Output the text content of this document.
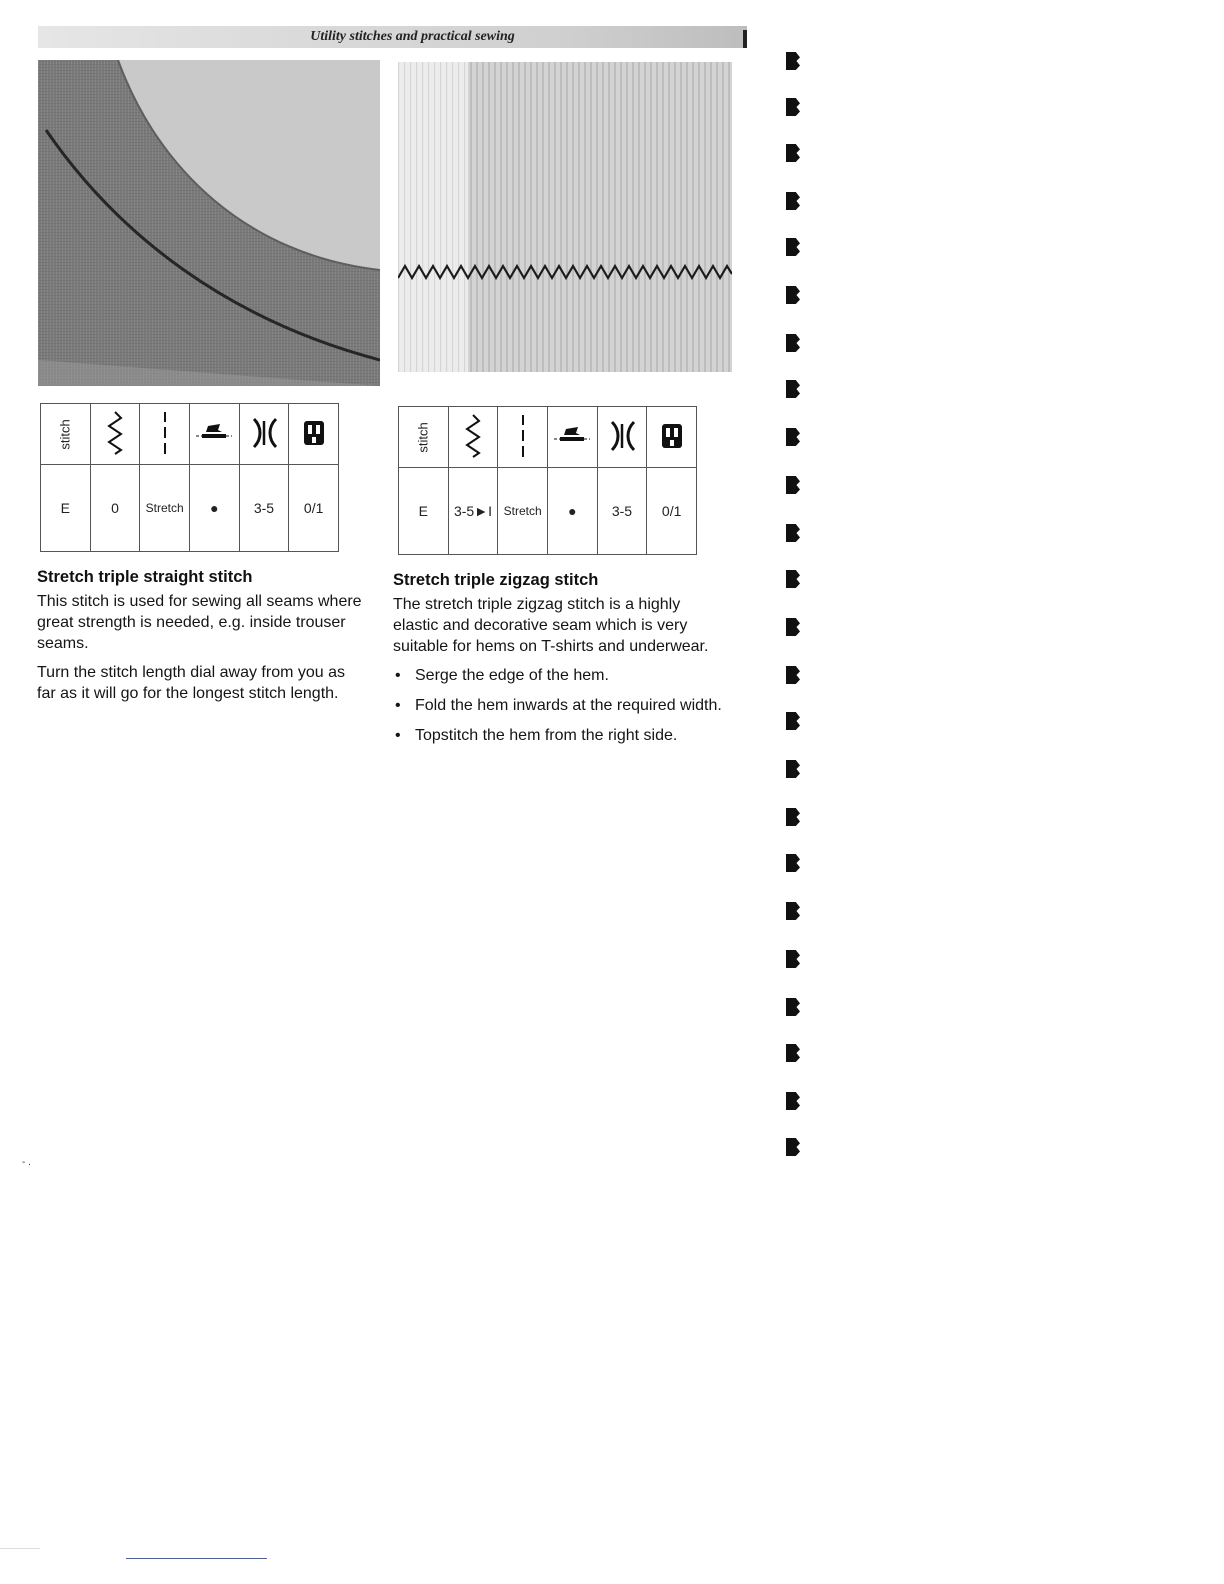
Utility stitches and practical sewing
stitch					
E	0	Stretch	●	3-5	0/1
stitch					
E	3-5►I	Stretch	●	3-5	0/1
Stretch triple straight stitch

This stitch is used for sewing all seams where great strength is needed, e.g. inside trouser seams.

Turn the stitch length dial away from you as far as it will go for the longest stitch length.

Stretch triple zigzag stitch

The stretch triple zigzag stitch is a highly elastic and decorative seam which is very suitable for hems on T-shirts and underwear.

• Serge the edge of the hem.
• Fold the hem inwards at the required width.
• Topstitch the hem from the right side.
- .
